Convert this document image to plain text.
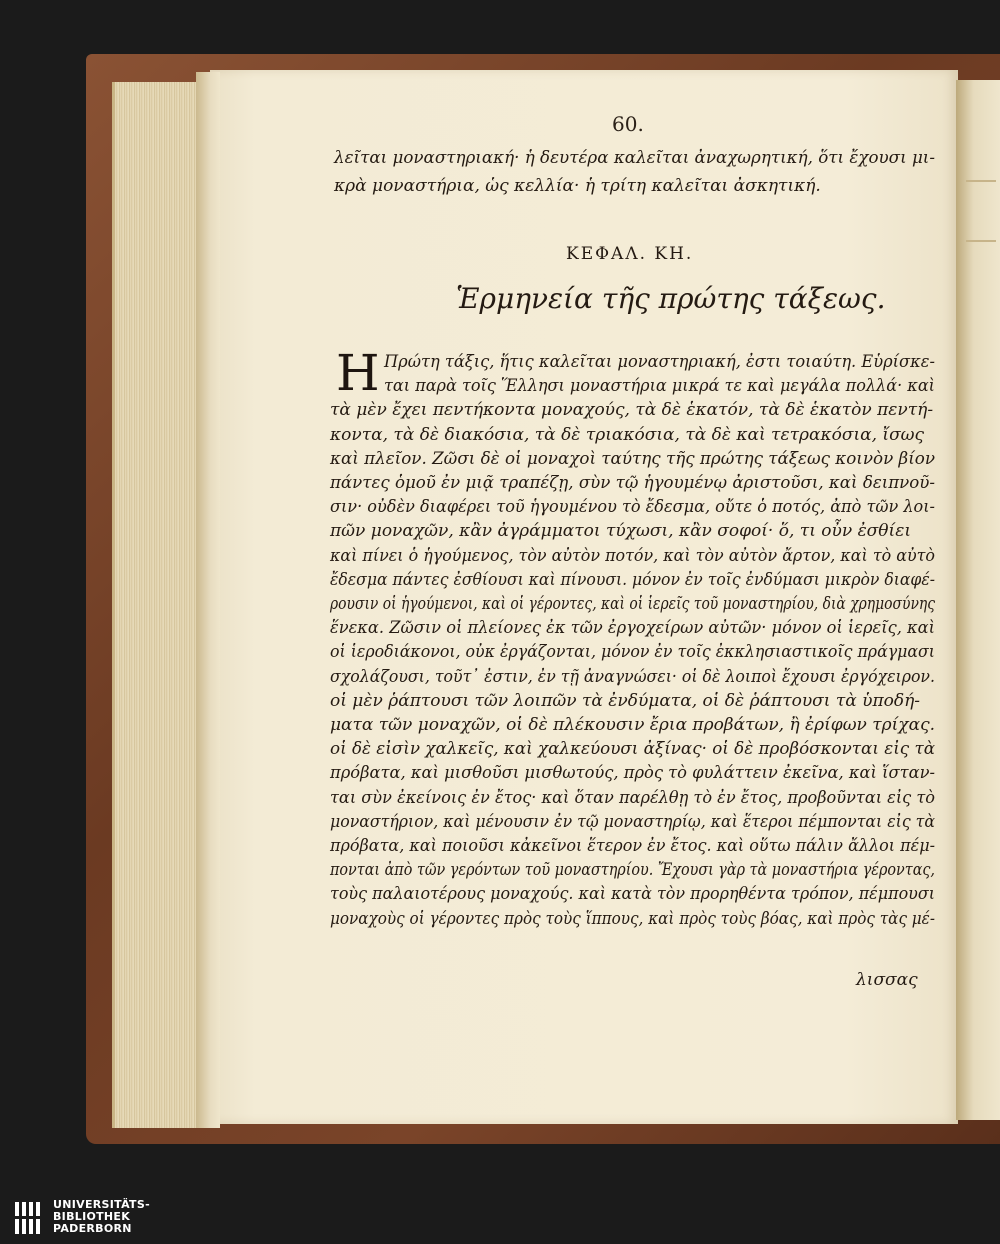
60.
λεῖται μοναστηριακή· ἡ δευτέρα καλεῖται ἀναχωρητική, ὅτι ἔχουσι μι-
κρὰ μοναστήρια, ὡς κελλία· ἡ τρίτη καλεῖται ἀσκητική.
ΚΕΦΑΛ. ΚΗ.
Ἑρμηνεία τῆς πρώτης τάξεως.
Η Πρώτη τάξις, ἥτις καλεῖται μοναστηριακή, ἐστι τοιαύτη. Εὑρίσκε-
ται παρὰ τοῖς Ἕλλησι μοναστήρια μικρά τε καὶ μεγάλα πολλά· καὶ
τὰ μὲν ἔχει πεντήκοντα μοναχούς, τὰ δὲ ἑκατόν, τὰ δὲ ἑκατὸν πεντή-
κοντα, τὰ δὲ διακόσια, τὰ δὲ τριακόσια, τὰ δὲ καὶ τετρακόσια, ἴσως
καὶ πλεῖον. Ζῶσι δὲ οἱ μοναχοὶ ταύτης τῆς πρώτης τάξεως κοινὸν βίον
πάντες ὁμοῦ ἐν μιᾷ τραπέζῃ, σὺν τῷ ἡγουμένῳ ἀριστοῦσι, καὶ δειπνοῦ-
σιν· οὐδὲν διαφέρει τοῦ ἡγουμένου τὸ ἔδεσμα, οὔτε ὁ ποτός, ἀπὸ τῶν λοι-
πῶν μοναχῶν, κἂν ἀγράμματοι τύχωσι, κἂν σοφοί· ὅ, τι οὖν ἐσθίει
καὶ πίνει ὁ ἡγούμενος, τὸν αὐτὸν ποτόν, καὶ τὸν αὐτὸν ἄρτον, καὶ τὸ αὐτὸ
ἔδεσμα πάντες ἐσθίουσι καὶ πίνουσι. μόνον ἐν τοῖς ἐνδύμασι μικρὸν διαφέ-
ρουσιν οἱ ἡγούμενοι, καὶ οἱ γέροντες, καὶ οἱ ἱερεῖς τοῦ μοναστηρίου, διὰ χρημοσύνης
ἕνεκα. Ζῶσιν οἱ πλείονες ἐκ τῶν ἐργοχείρων αὐτῶν· μόνον οἱ ἱερεῖς, καὶ
οἱ ἱεροδιάκονοι, οὐκ ἐργάζονται, μόνον ἐν τοῖς ἐκκλησιαστικοῖς πράγμασι
σχολάζουσι, τοῦτ᾽ ἐστιν, ἐν τῇ ἀναγνώσει· οἱ δὲ λοιποὶ ἔχουσι ἐργόχειρον.
οἱ μὲν ῥάπτουσι τῶν λοιπῶν τὰ ἐνδύματα, οἱ δὲ ῥάπτουσι τὰ ὑποδή-
ματα τῶν μοναχῶν, οἱ δὲ πλέκουσιν ἔρια προβάτων, ἢ ἐρίφων τρίχας.
οἱ δὲ εἰσὶν χαλκεῖς, καὶ χαλκεύουσι ἀξίνας· οἱ δὲ προβόσκονται εἰς τὰ
πρόβατα, καὶ μισθοῦσι μισθωτούς, πρὸς τὸ φυλάττειν ἐκεῖνα, καὶ ἵσταν-
ται σὺν ἐκείνοις ἐν ἔτος· καὶ ὅταν παρέλθῃ τὸ ἐν ἔτος, προβοῦνται εἰς τὸ
μοναστήριον, καὶ μένουσιν ἐν τῷ μοναστηρίῳ, καὶ ἕτεροι πέμπονται εἰς τὰ
πρόβατα, καὶ ποιοῦσι κἀκεῖνοι ἕτερον ἐν ἔτος. καὶ οὕτω πάλιν ἄλλοι πέμ-
πονται ἀπὸ τῶν γερόντων τοῦ μοναστηρίου. Ἔχουσι γὰρ τὰ μοναστήρια γέροντας,
τοὺς παλαιοτέρους μοναχούς. καὶ κατὰ τὸν προρηθέντα τρόπον, πέμπουσι
μοναχοὺς οἱ γέροντες πρὸς τοὺς ἵππους, καὶ πρὸς τοὺς βόας, καὶ πρὸς τὰς μέ-
λισσας
UNIVERSITÄTS-
BIBLIOTHEK
PADERBORN
